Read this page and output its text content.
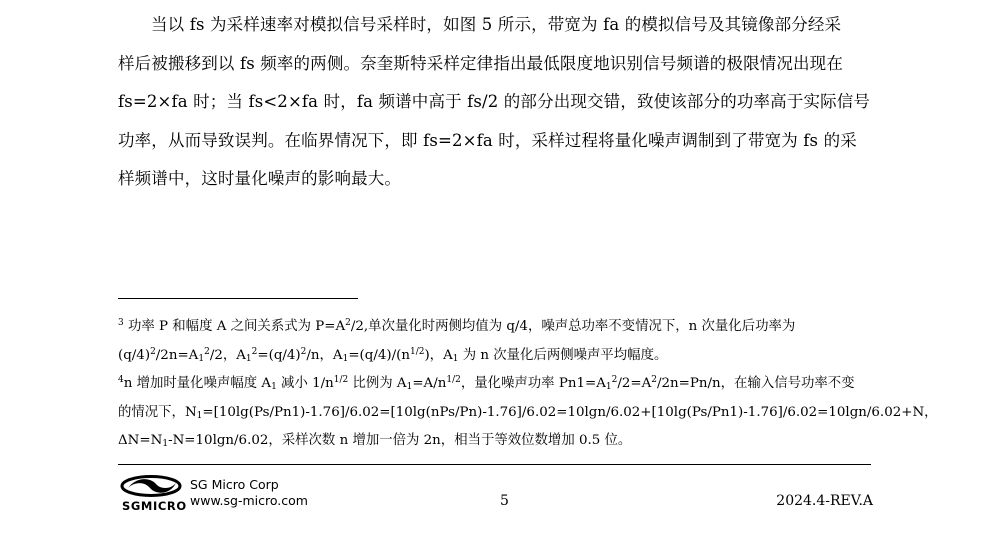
当以 fs 为采样速率对模拟信号采样时，如图 5 所示，带宽为 fa 的模拟信号及其镜像部分经采
样后被搬移到以 fs 频率的两侧。奈奎斯特采样定律指出最低限度地识别信号频谱的极限情况出现在
fs=2×fa 时；当 fs<2×fa 时，fa 频谱中高于 fs/2 的部分出现交错，致使该部分的功率高于实际信号
功率，从而导致误判。在临界情况下，即 fs=2×fa 时，采样过程将量化噪声调制到了带宽为 fs 的采
样频谱中，这时量化噪声的影响最大。
$^3$ 功率 P 和幅度 A 之间关系式为 $P=A^2/2$,单次量化时两侧均值为 q/4，噪声总功率不变情况下，n 次量化后功率为
$(q/4)^2/2n=A_1^2/2$，$A_1^2=(q/4)^2/n$，$A_1=(q/4)/(n^{1/2})$，$A_1$ 为 n 次量化后两侧噪声平均幅度。
$^4$n 增加时量化噪声幅度 $A_1$ 减小 $1/n^{1/2}$ 比例为 $A_1=A/n^{1/2}$，量化噪声功率 $Pn1=A_1^2/2=A^2/2n=Pn/n$，在输入信号功率不变
的情况下，$N_1=[10\lg(Ps/Pn1)-1.76]/6.02=[10\lg(nPs/Pn)-1.76]/6.02=10\lg n/6.02+[10\lg(Ps/Pn1)-1.76]/6.02=10\lg n/6.02+N$，
$\Delta N=N_1-N=10\lg n/6.02$，采样次数 n 增加一倍为 2n，相当于等效位数增加 0.5 位。
SGMICRO
SG Micro Corp
www.sg-micro.com	5	2024.4-REV.A
